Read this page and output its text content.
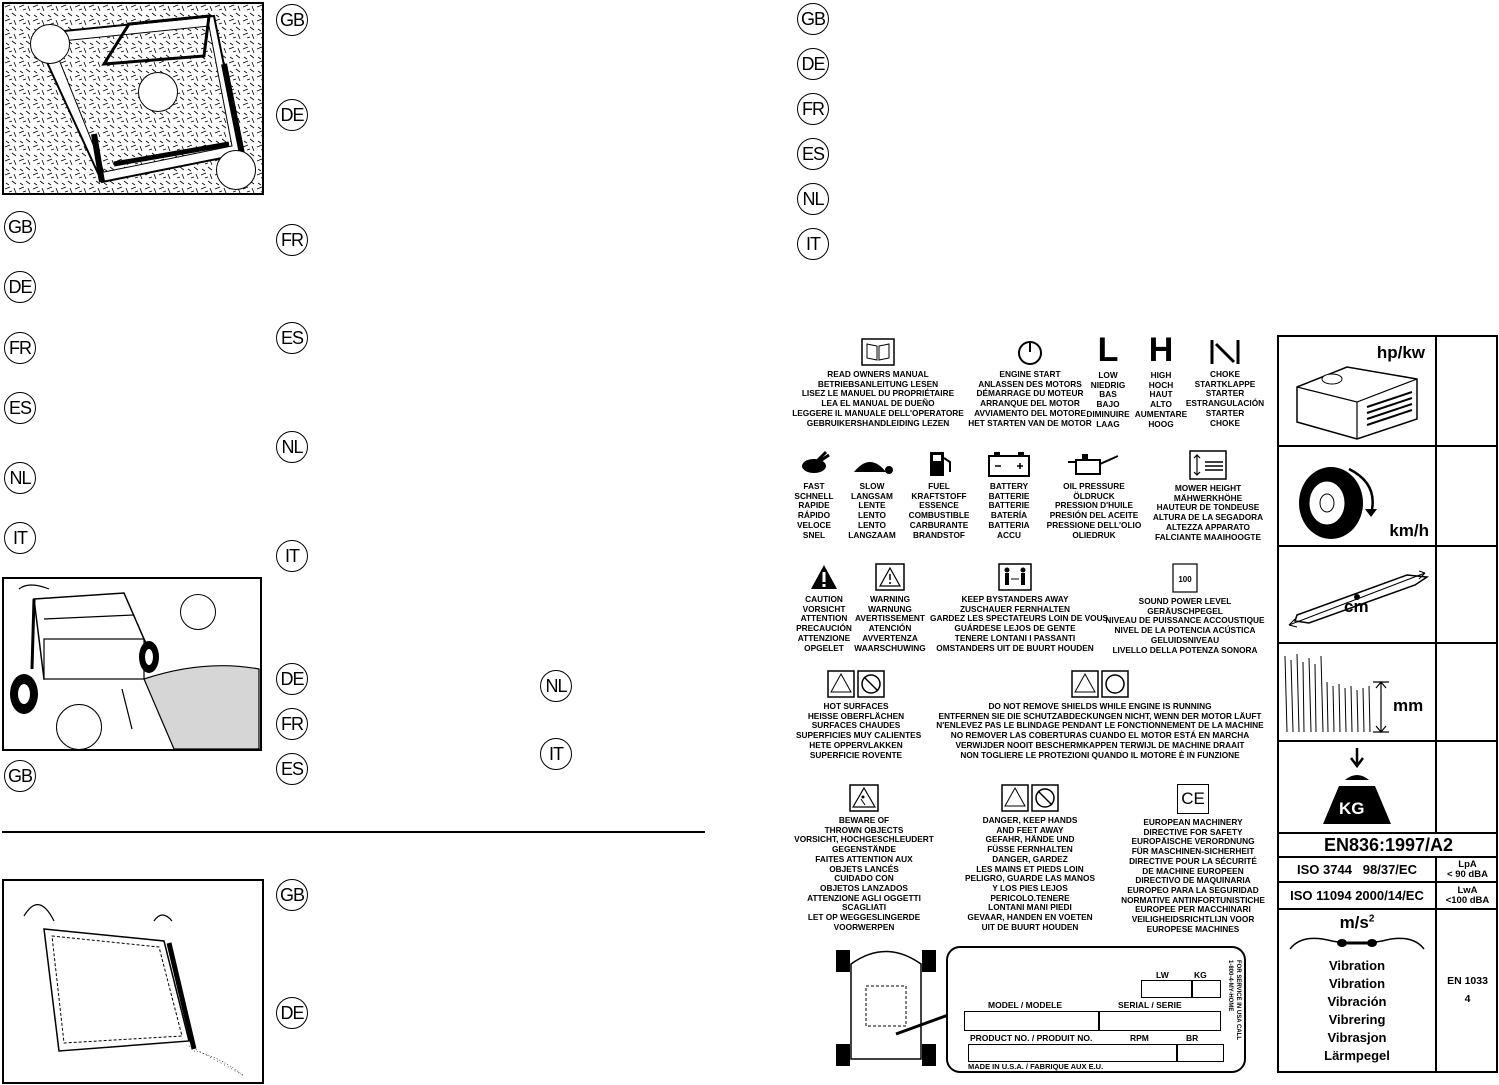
GB
DE
FR
ES
NL
IT
GB
DE
FR
ES
NL
IT
GB
DE
FR
ES
NL
IT
GB
DE
GB
DE
FR
ES
NL
IT
READ OWNERS MANUAL
BETRIEBSANLEITUNG LESEN
LISEZ LE MANUEL DU PROPRIÉTAIRE
LEA EL MANUAL DE DUEÑO
LEGGERE IL MANUALE DELL'OPERATORE
GEBRUIKERSHANDLEIDING LEZEN
ENGINE START
ANLASSEN DES MOTORS
DÉMARRAGE DU MOTEUR
ARRANQUE DEL MOTOR
AVVIAMENTO DEL MOTORE
HET STARTEN VAN DE MOTOR
L
LOW
NIEDRIG
BAS
BAJO
DIMINUIRE
LAAG
H
HIGH
HOCH
HAUT
ALTO
AUMENTARE
HOOG
CHOKE
STARTKLAPPE
STARTER
ESTRANGULACIÓN
STARTER
CHOKE
FAST
SCHNELL
RAPIDE
RÁPIDO
VELOCE
SNEL
SLOW
LANGSAM
LENTE
LENTO
LENTO
LANGZAAM
FUEL
KRAFTSTOFF
ESSENCE
COMBUSTIBLE
CARBURANTE
BRANDSTOF
BATTERY
BATTERIE
BATTERIE
BATERÍA
BATTERIA
ACCU
OIL PRESSURE
ÖLDRUCK
PRESSION D'HUILE
PRESIÓN DEL ACEITE
PRESSIONE DELL'OLIO
OLIEDRUK
MOWER HEIGHT
MÄHWERKHÖHE
HAUTEUR DE TONDEUSE
ALTURA DE LA SEGADORA
ALTEZZA APPARATO
FALCIANTE MAAIHOOGTE
CAUTION
VORSICHT
ATTENTION
PRECAUCIÓN
ATTENZIONE
OPGELET
WARNING
WARNUNG
AVERTISSEMENT
ATENCIÓN
AVVERTENZA
WAARSCHUWING
KEEP BYSTANDERS AWAY
ZUSCHAUER FERNHALTEN
GARDEZ LES SPECTATEURS LOIN DE VOUS
GUÁRDESE LEJOS DE GENTE
TENERE LONTANI I PASSANTI
OMSTANDERS UIT DE BUURT HOUDEN
100
SOUND POWER LEVEL
GERÄUSCHPEGEL
NIVEAU DE PUISSANCE ACCOUSTIQUE
NIVEL DE LA POTENCIA ACÚSTICA
GELUIDSNIVEAU
LIVELLO DELLA POTENZA SONORA
HOT SURFACES
HEISSE OBERFLÄCHEN
SURFACES CHAUDES
SUPERFICIES MUY CALIENTES
HETE OPPERVLAKKEN
SUPERFICIE ROVENTE
DO NOT REMOVE SHIELDS WHILE ENGINE IS RUNNING
ENTFERNEN SIE DIE SCHUTZABDECKUNGEN NICHT, WENN DER MOTOR LÄUFT
N'ENLEVEZ PAS LE BLINDAGE PENDANT LE FONCTIONNEMENT DE LA MACHINE
NO REMOVER LAS COBERTURAS CUANDO EL MOTOR ESTÁ EN MARCHA
VERWIJDER NOOIT BESCHERMKAPPEN TERWIJL DE MACHINE DRAAIT
NON TOGLIERE LE PROTEZIONI QUANDO IL MOTORE È IN FUNZIONE
BEWARE OF
THROWN OBJECTS
VORSICHT, HOCHGESCHLEUDERT
GEGENSTÄNDE
FAITES ATTENTION AUX
OBJETS LANCÉS
CUIDADO CON
OBJETOS LANZADOS
ATTENZIONE AGLI OGGETTI
SCAGLIATI
LET OP WEGGESLINGERDE
VOORWERPEN
DANGER, KEEP HANDS
AND FEET AWAY
GEFAHR, HÄNDE UND
FÜSSE FERNHALTEN
DANGER, GARDEZ
LES MAINS ET PIEDS LOIN
PELIGRO, GUARDE LAS MANOS
Y LOS PIES LEJOS
PERICOLO.TENERE
LONTANI MANI PIEDI
GEVAAR, HANDEN EN VOETEN
UIT DE BUURT HOUDEN
CE
EUROPEAN MACHINERY
DIRECTIVE FOR SAFETY
EUROPÄISCHE VERORDNUNG
FÜR MASCHINEN-SICHERHEIT
DIRECTIVE POUR LA SÉCURITÉ
DE MACHINE EUROPEEN
DIRECTIVO DE MAQUINARIA
EUROPEO PARA LA SEGURIDAD
NORMATIVE ANTINFORTUNISTICHE
EUROPEE PER MACCHINARI
VEILIGHEIDSRICHTLIJN VOOR
EUROPESE MACHINES
LW	KG
MODEL / MODELE	SERIAL / SERIE
PRODUCT NO. / PRODUIT NO.	RPM	BR
MADE IN U.S.A. / FABRIQUE AUX E.U.
FOR SERVICE IN USA CALL
1-800-4-MY-HOME
hp/kw
km/h
cm
mm
KG
EN836:1997/A2
ISO 3744   98/37/EC	LpA
< 90 dBA
ISO 11094 2000/14/EC	LwA
<100 dBA
$m/s^2$
Vibration
Vibration
Vibración
Vibrering
Vibrasjon
Lärmpegel
EN 1033
4
